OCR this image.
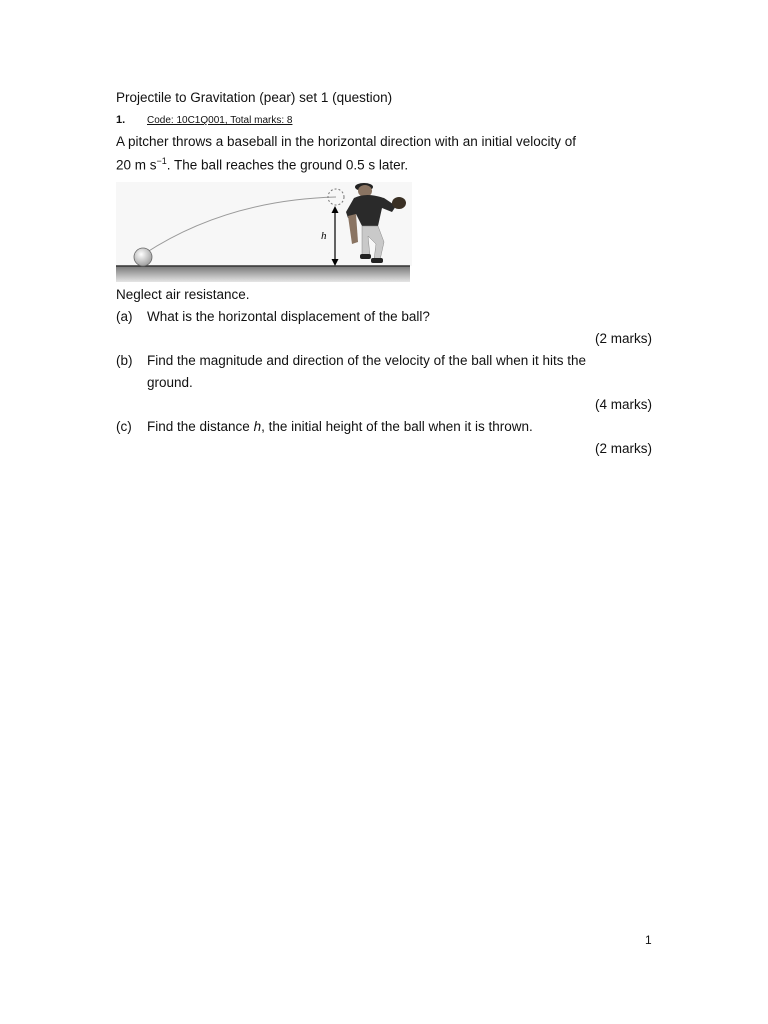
Projectile to Gravitation (pear) set 1 (question)
1. Code: 10C1Q001, Total marks: 8
A pitcher throws a baseball in the horizontal direction with an initial velocity of
20 m $s^{-1}$. The ball reaches the ground 0.5 s later.
h
Neglect air resistance.
(a) What is the horizontal displacement of the ball?
(2 marks)
(b) Find the magnitude and direction of the velocity of the ball when it hits the
ground.
(4 marks)
(c) Find the distance h, the initial height of the ball when it is thrown.
(2 marks)
1
